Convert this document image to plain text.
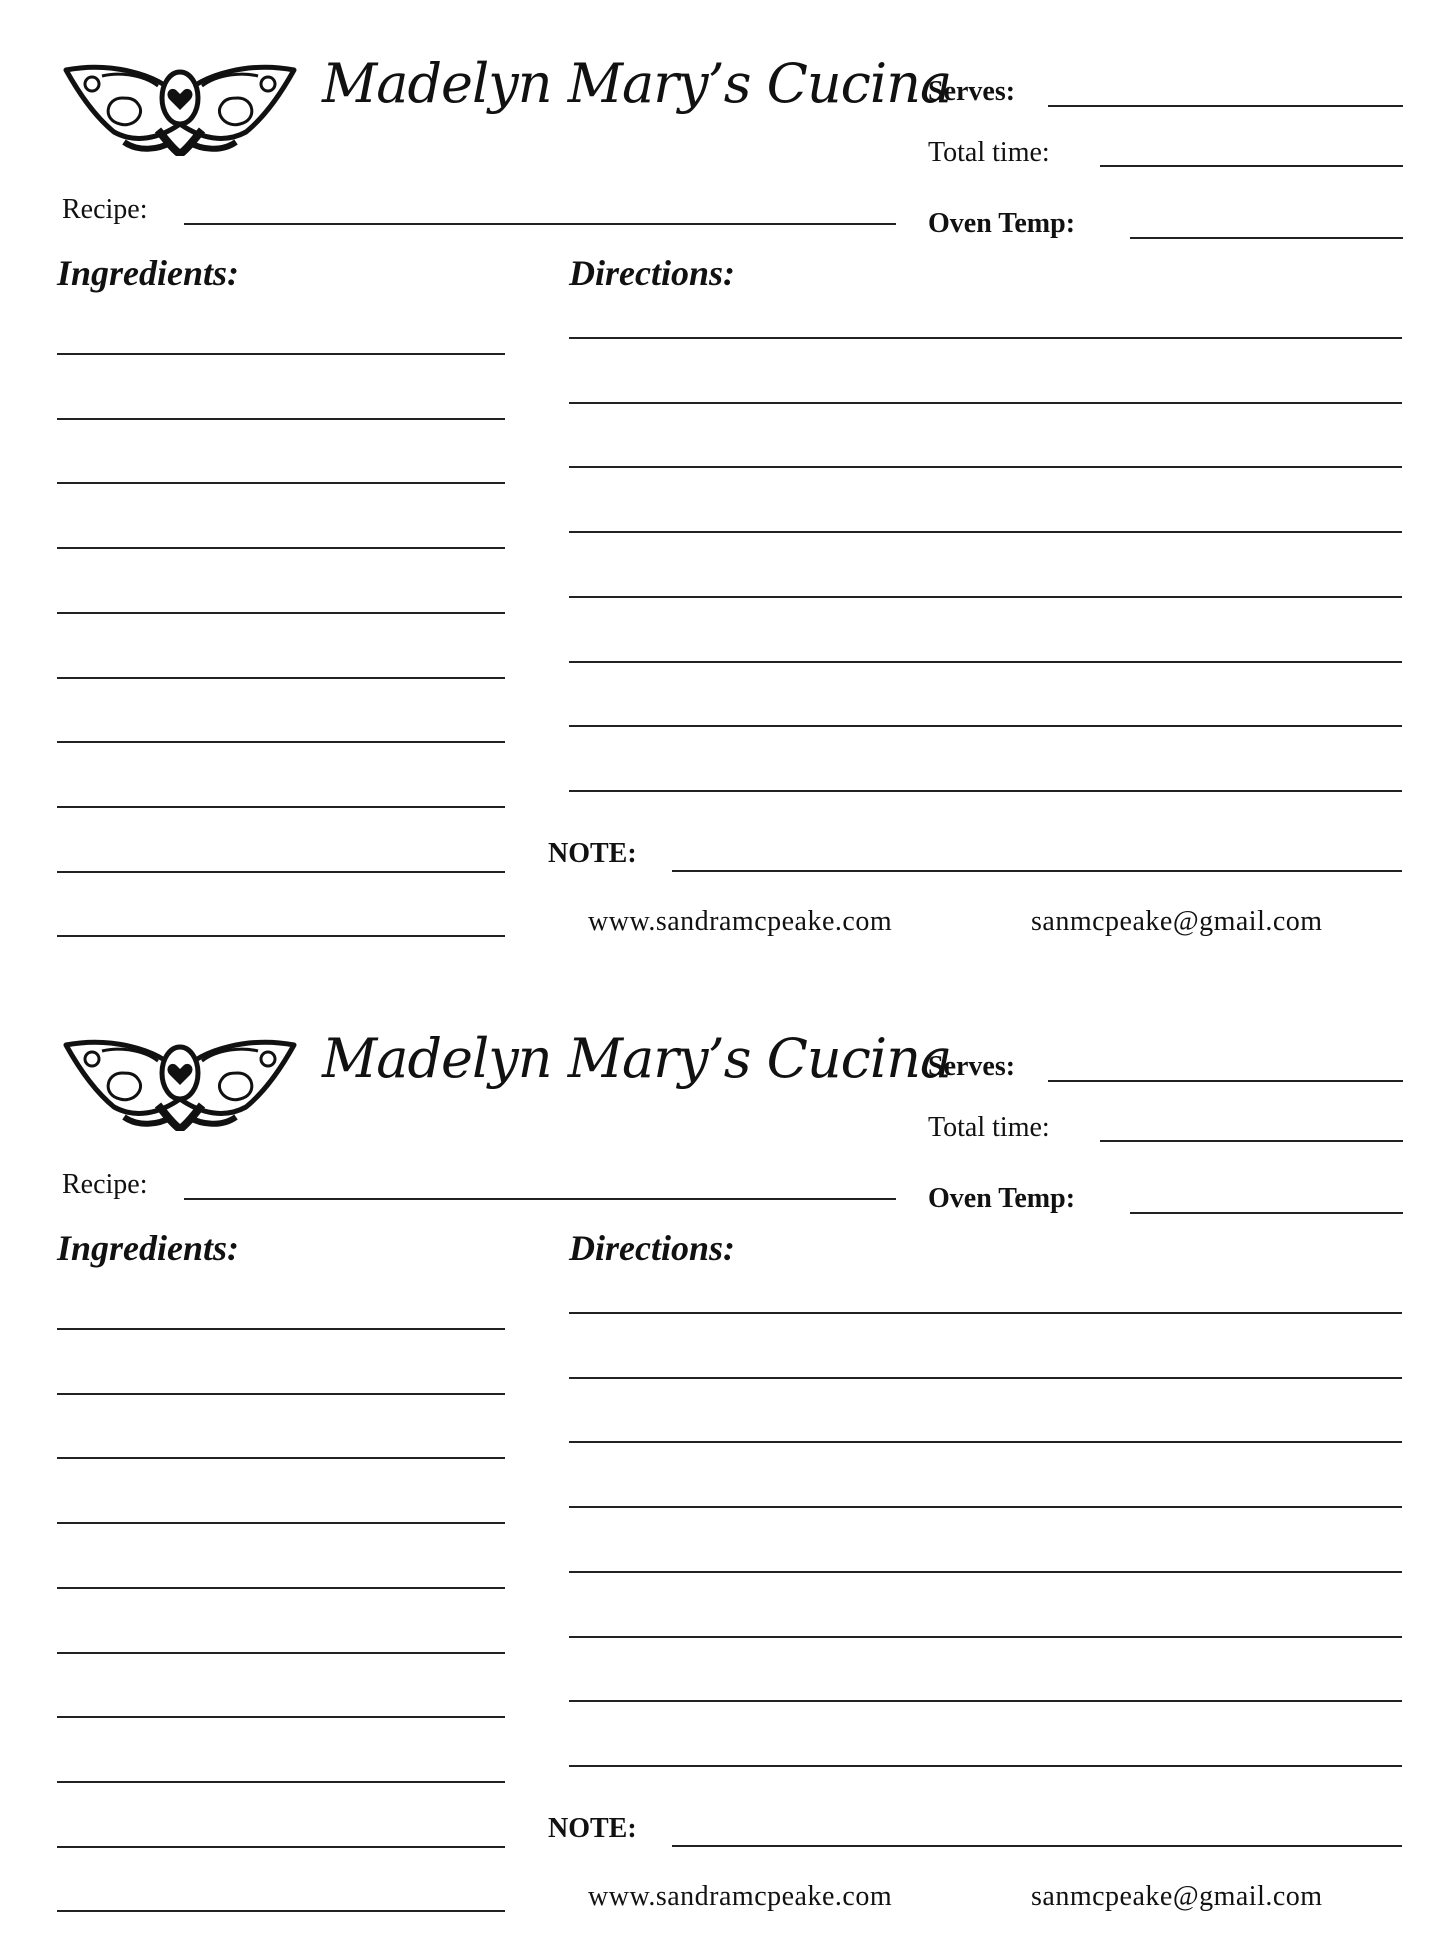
Madelyn Mary’s Cucina
Serves:
Total time:
Recipe:	Oven Temp:
Ingredients:	Directions:
NOTE:
www.sandramcpeake.com	sanmcpeake@gmail.com
Madelyn Mary’s Cucina
Serves:
Total time:
Recipe:	Oven Temp:
Ingredients:	Directions:
NOTE:
www.sandramcpeake.com	sanmcpeake@gmail.com
